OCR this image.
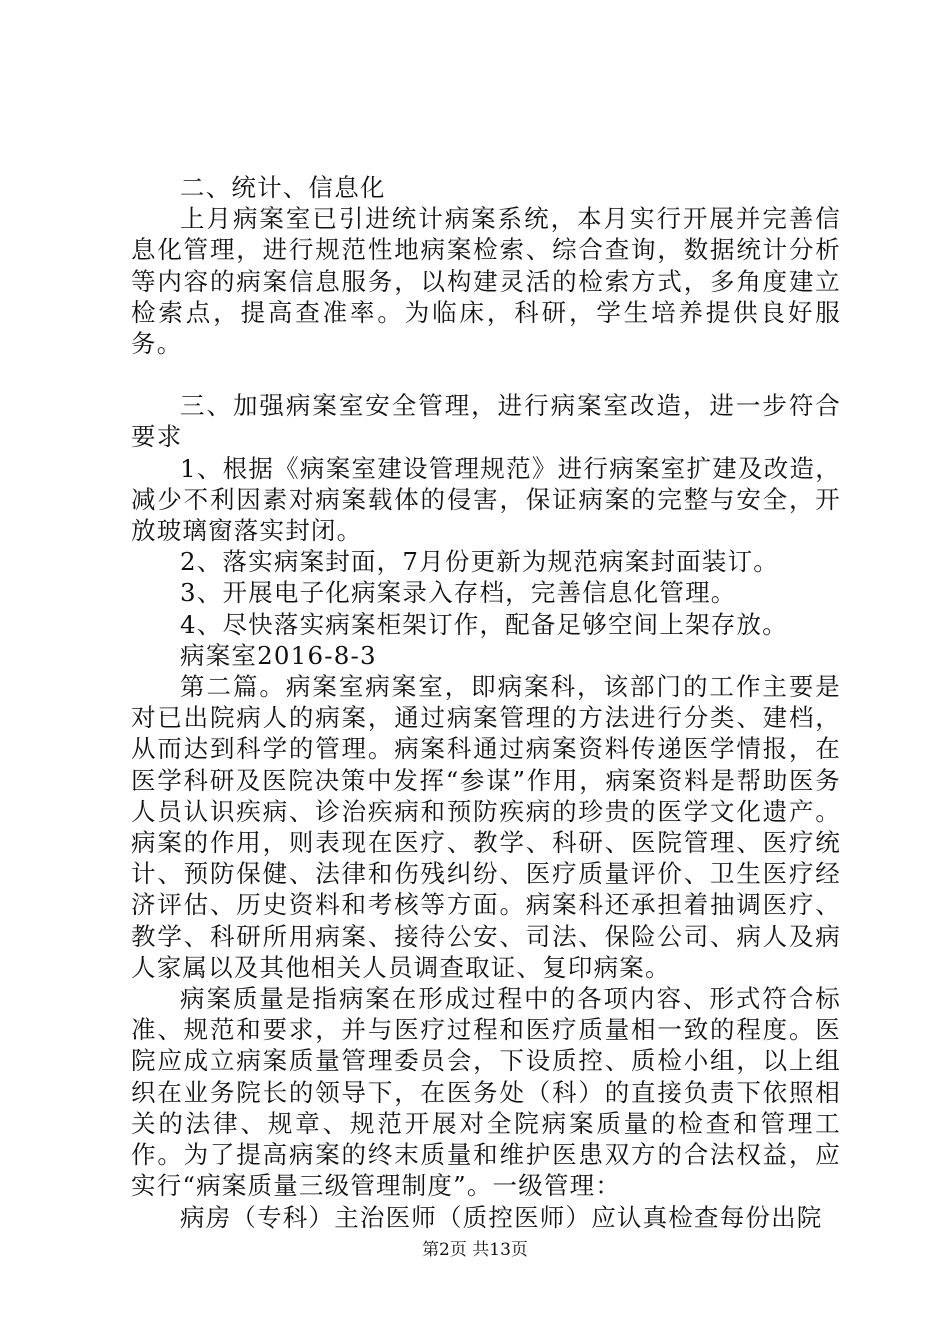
二、统计、信息化

上月病案室已引进统计病案系统，本月实行开展并完善信息化管理，进行规范性地病案检索、综合查询，数据统计分析等内容的病案信息服务，以构建灵活的检索方式，多角度建立检索点，提高查准率。为临床，科研，学生培养提供良好服务。

三、加强病案室安全管理，进行病案室改造，进一步符合要求

1、根据《病案室建设管理规范》进行病案室扩建及改造，减少不利因素对病案载体的侵害，保证病案的完整与安全，开放玻璃窗落实封闭。

2、落实病案封面，7月份更新为规范病案封面装订。

3、开展电子化病案录入存档，完善信息化管理。

4、尽快落实病案柜架订作，配备足够空间上架存放。

病案室2016-8-3

第二篇。病案室病案室，即病案科，该部门的工作主要是对已出院病人的病案，通过病案管理的方法进行分类、建档，从而达到科学的管理。病案科通过病案资料传递医学情报，在医学科研及医院决策中发挥“参谋”作用，病案资料是帮助医务人员认识疾病、诊治疾病和预防疾病的珍贵的医学文化遗产。病案的作用，则表现在医疗、教学、科研、医院管理、医疗统计、预防保健、法律和伤残纠纷、医疗质量评价、卫生医疗经济评估、历史资料和考核等方面。病案科还承担着抽调医疗、教学、科研所用病案、接待公安、司法、保险公司、病人及病人家属以及其他相关人员调查取证、复印病案。

病案质量是指病案在形成过程中的各项内容、形式符合标准、规范和要求，并与医疗过程和医疗质量相一致的程度。医院应成立病案质量管理委员会，下设质控、质检小组，以上组织在业务院长的领导下，在医务处（科）的直接负责下依照相关的法律、规章、规范开展对全院病案质量的检查和管理工作。为了提高病案的终末质量和维护医患双方的合法权益，应实行“病案质量三级管理制度”。一级管理：

病房（专科）主治医师（质控医师）应认真检查每份出院

第2页 共13页
